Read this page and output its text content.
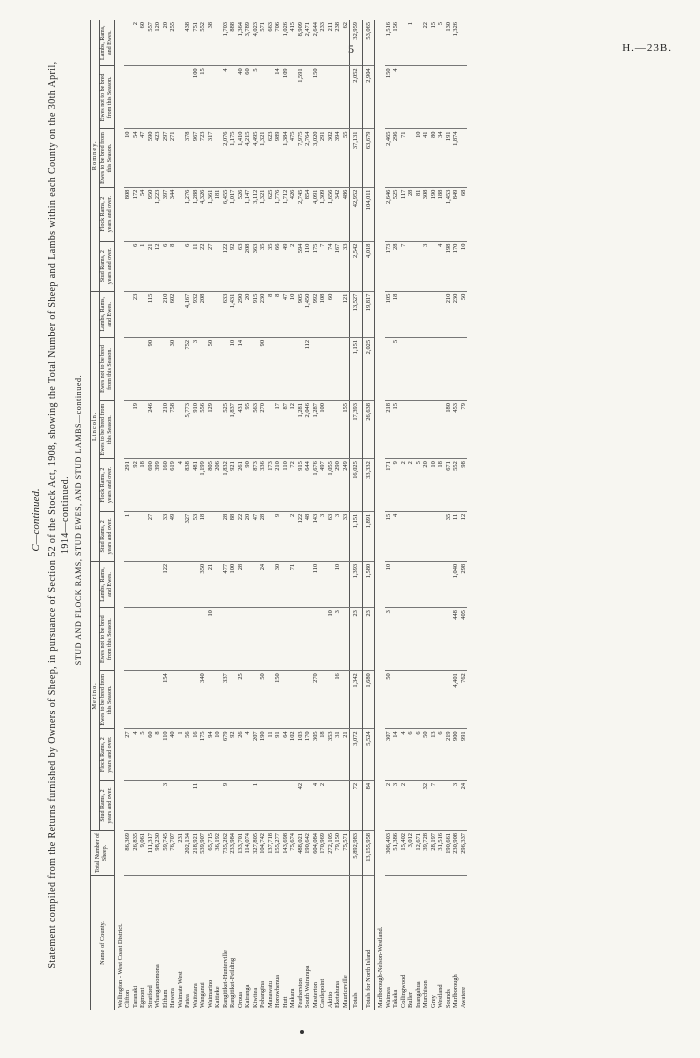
5	H.—23B.
C—continued. Statement compiled from the Returns furnished by Owners of Sheep, in pursuance of Section 52 of the Stock Act, 1908, showing the Total Number of Sheep and Lambs within each County on the 30th April, 1914—continued. STUD AND FLOCK RAMS, STUD EWES, AND STUD LAMBS—continued.
Name of County.	Total Number of Sheep.	Merino.					Lincoln.					Romney.				
		Stud Rams, 2 years and over.	Flock Rams, 2 years and over.	Ewes to be bred from this Season.	Ewes not to be bred from this Season.	Lambs, Rams, and Ewes.	Stud Rams, 2 years and over.	Flock Rams, 2 years and over.	Ewes to be bred from this Season.	Ewes not to be bred from this Season.	Lambs, Rams, and Ewes.	Stud Rams, 2 years and over.	Flock Rams, 2 years and over.	Ewes to be bred from this Season.	Ewes not to be bred from this Season.	Lambs, Rams, and Ewes.
Wellington - West Coast District.																
Clifton	86,369		27				1	291					808	10		
Taranaki	26,835		4					92	19		23	6	172	54		2
Egmont	9,061		5					18				1	54	47		60
Stratford	111,317		60				27	690	246	90	115	21	950	590		557
Whangamomona	98,230		8					399				12	1,223	423		120
Eltham	59,745	3	110	154		122	33	160	210		210	6	397	297		20
Hawera	76,707		40				49	619	758	30	602	8	344	271		255
Waimate West	231		1					4								
Patea	202,134		56				327	838	5,773	752	4,167	6	1,276	378		438
Waitotara	218,921	11	16				53	481	910	3	932	11	1,288	967	100	751
Wanganui	539,907		175	340		350	18	1,199	556		208	22	4,326	723	15	552
Waimarino	65,715		94		10	21		805	129	50		27	1,361	317		38
Kaitieke	36,192		10					206					181			
Rangitikei-Hunterville	735,262	9	679	337		477	28	1,832	525		633	122	6,455	2,076	4	1,703
Rangitikei-Feilding	233,984		92			100	88	921	1,837	10	1,431	92	1,017	1,175		888
Oroua	133,701		26	25		28	22	261	431	14	290	63	526	1,410	40	1,364
Kairanga	114,074		4				20	90	95		20	208	1,147	4,215	60	3,789
Kiwitea	327,805	1	207				47	873	563		915	363	3,112	4,495	5	4,023
Pohangina	104,742		190	50		24	28	336	270	90	230	35	1,321	1,321		571
Manawatu	137,718		11					173			8	35	625	623		663
Horowhenua	155,277		91	150		30	9	210	17		8	66	1,776	989	14	706
Hutt	143,698		64					110	87		47	49	1,712	1,384	109	1,026
Makara	75,674		102			71	2	72	12		10	2	426	475		415
Featherston	488,021	42	103				122	915	1,281		905	594	2,745	7,975	1,591	8,909
South Wairarapa	190,642		170				48	644	2,046	112	1,450	110	854	2,764		2,471
Masterton	604,084	4	305	270		110	143	1,676	1,287		992	175	4,091	3,020	150	2,644
Castlepoint	170,969	2	18				3	497	100		108	7	1,309	291		233
Akitio	272,105		353		10		63	1,055			60	74	1,656	302		211
Eketahuna	79,150		31	16	3	10	3	290				167	342	394		238
Mauriceville	75,571		21				33	249	155		121	33	486	55		62
Totals	5,892,983	72	3,072	1,342	23	1,393	1,151	16,025	17,393	1,151	13,527	2,542	42,952	37,131	2,052	32,959
Totals for North Island	13,155,958	84	5,524	1,680	23	1,580	1,891	33,332	26,638	2,025	19,817	4,018	104,011	63,679	2,904	53,065
Marlborough-Nelson-Westland.																
Waimea	306,403	2	307	50	3	10	15	171	218		105	173	2,646	2,465	150	1,516
Takaka	51,386	3	14				4	9	15	5	18	28	525	296	4	156
Collingwood	15,402	2	4					2				7	117	71		
Buller	3,012		6					2					28			1
Inangahua	12,671		6					5					81	10		
Murchison	39,728	32	50					20				3	308	41		22
Grey	28,197	7	13					10					190	80		15
Westland	31,516		6					18				4	188	34		5
Sounds	190,661		219				35	671	180		210	198	1,453	191		130
Marlborough	230,908	3	900	4,401	448	1,040	11	552	453		230	170	849	1,874		1,326
Awatere	296,337	24	991	762	405	298	12	98	79		50	10	68			
